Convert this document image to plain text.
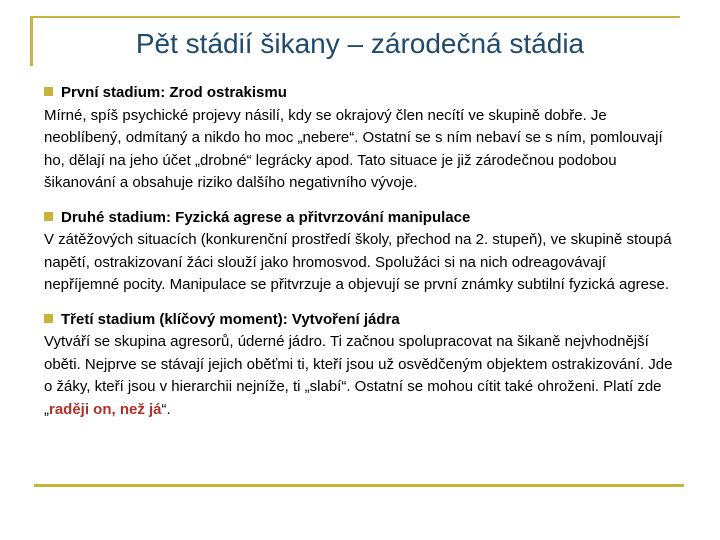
Pět stádií šikany – zárodečná stádia
První stadium: Zrod ostrakismu
Mírné, spíš psychické projevy násilí, kdy se okrajový člen necítí ve skupině dobře. Je neoblíbený, odmítaný a nikdo ho moc „nebere“. Ostatní se s ním nebaví se s ním, pomlouvají ho, dělají na jeho účet „drobné“ legrácky apod. Tato situace je již zárodečnou podobou šikanování a obsahuje riziko dalšího negativního vývoje.
Druhé stadium: Fyzická agrese a přitvrzování manipulace
V zátěžových situacích (konkurenční prostředí školy, přechod na 2. stupeň), ve skupině stoupá napětí, ostrakizovaní žáci slouží jako hromosvod. Spolužáci si na nich odreagovávají nepříjemné pocity. Manipulace se přitvrzuje a objevují se první známky subtilní fyzická agrese.
Třetí stadium (klíčový moment): Vytvoření jádra
Vytváří se skupina agresorů, úderné jádro. Ti začnou spolupracovat na šikaně nejvhodnější oběti. Nejprve se stávají jejich oběťmi ti, kteří jsou už osvědčeným objektem ostrakizování. Jde o žáky, kteří jsou v hierarchii nejníže, ti „slabí“. Ostatní se mohou cítit také ohroženi. Platí zde „raději on, než já“.
